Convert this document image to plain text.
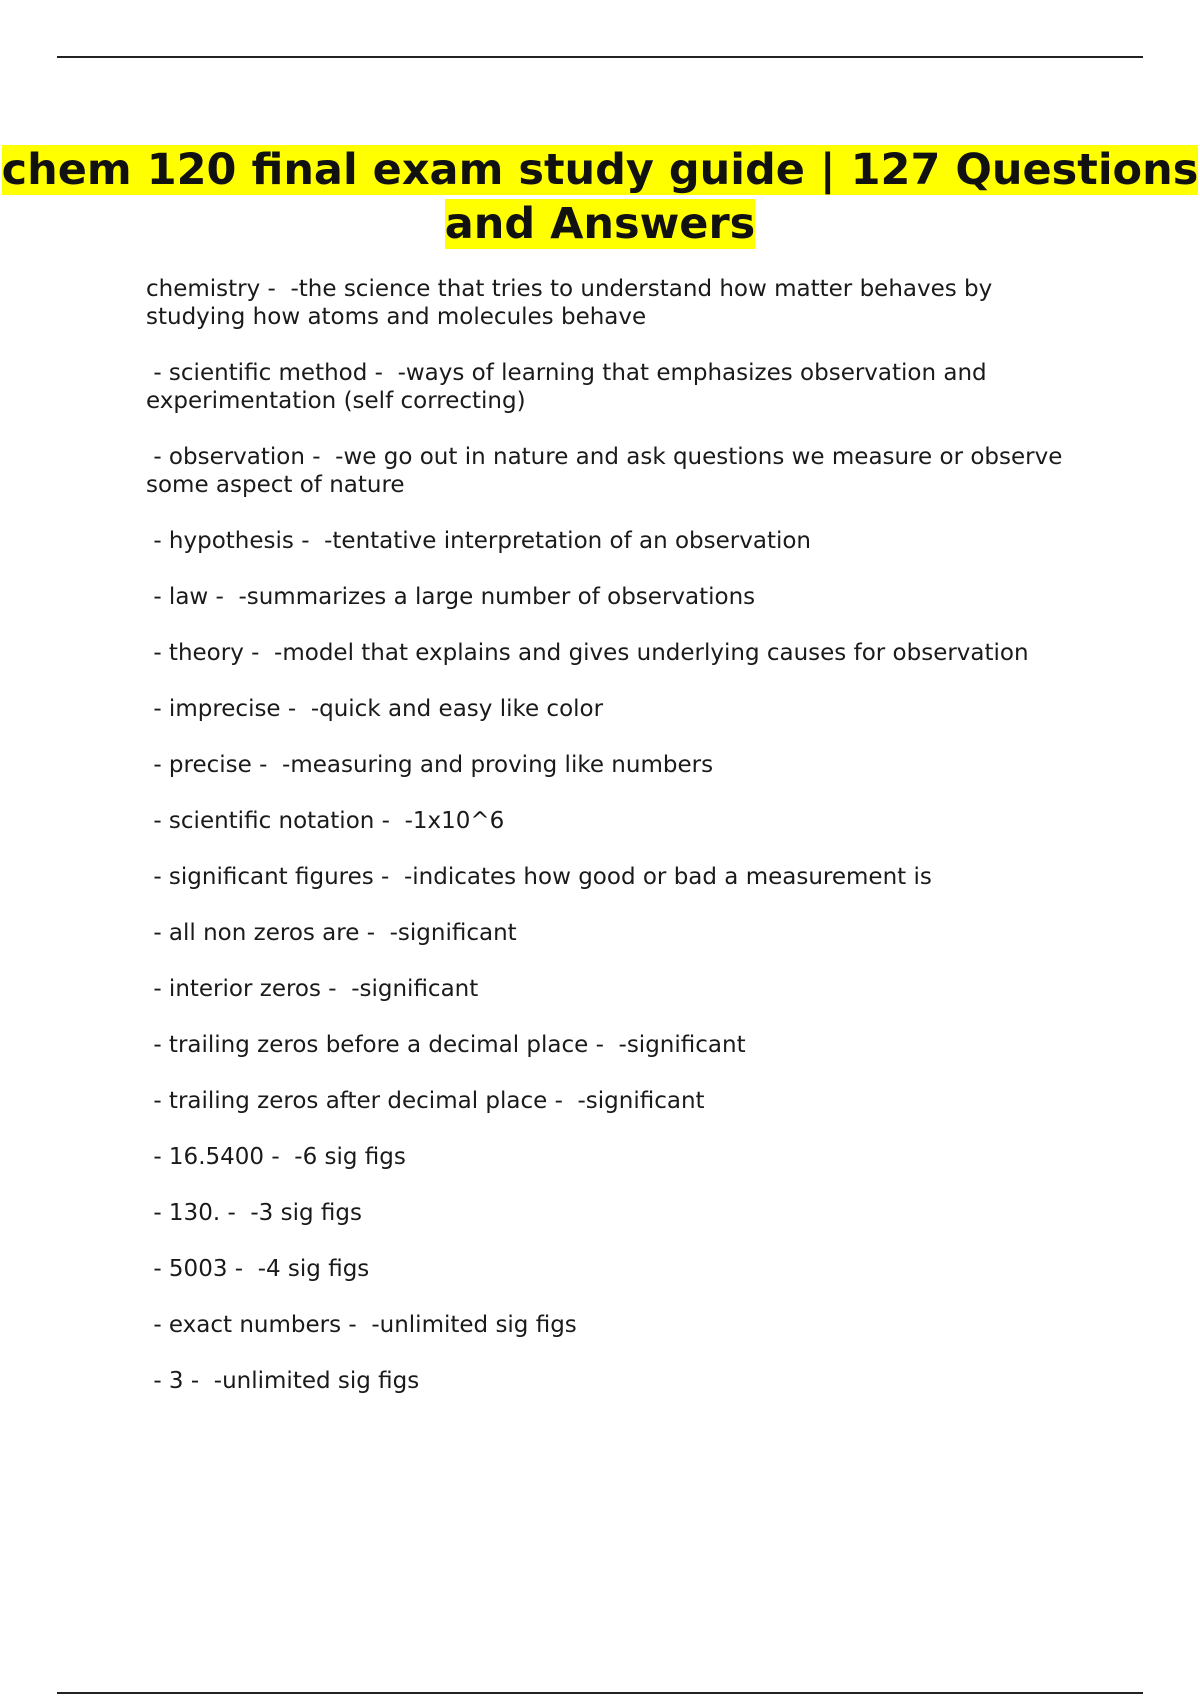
chem 120 final exam study guide | 127 Questions and Answers

chemistry -  -the science that tries to understand how matter behaves by studying how atoms and molecules behave

- scientific method -  -ways of learning that emphasizes observation and experimentation (self correcting)

- observation -  -we go out in nature and ask questions we measure or observe some aspect of nature

- hypothesis -  -tentative interpretation of an observation

- law -  -summarizes a large number of observations

- theory -  -model that explains and gives underlying causes for observation

- imprecise -  -quick and easy like color

- precise -  -measuring and proving like numbers

- scientific notation -  -1x10^6

- significant figures -  -indicates how good or bad a measurement is

- all non zeros are -  -significant

- interior zeros -  -significant

- trailing zeros before a decimal place -  -significant

- trailing zeros after decimal place -  -significant

- 16.5400 -  -6 sig figs

- 130. -  -3 sig figs

- 5003 -  -4 sig figs

- exact numbers -  -unlimited sig figs

- 3 -  -unlimited sig figs
